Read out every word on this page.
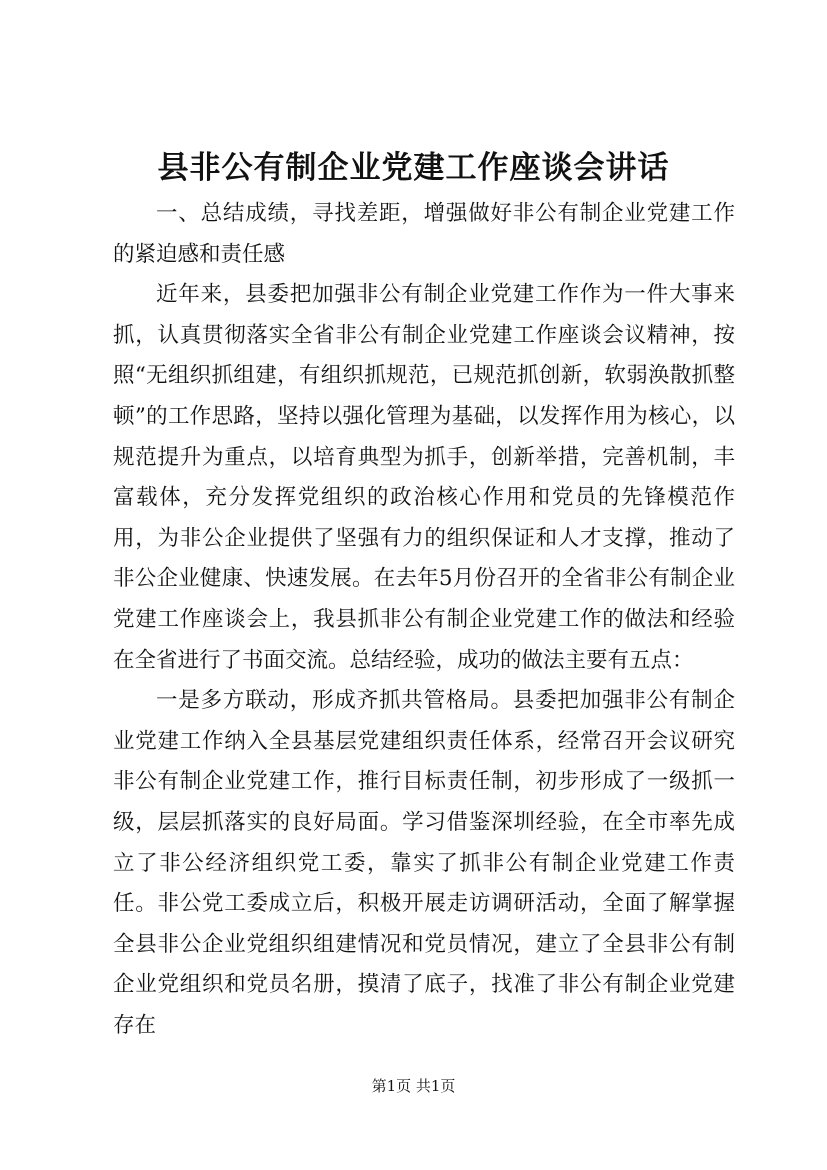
县非公有制企业党建工作座谈会讲话

一、总结成绩，寻找差距，增强做好非公有制企业党建工作的紧迫感和责任感

近年来，县委把加强非公有制企业党建工作作为一件大事来抓，认真贯彻落实全省非公有制企业党建工作座谈会议精神，按照“无组织抓组建，有组织抓规范，已规范抓创新，软弱涣散抓整顿”的工作思路，坚持以强化管理为基础，以发挥作用为核心，以规范提升为重点，以培育典型为抓手，创新举措，完善机制，丰富载体，充分发挥党组织的政治核心作用和党员的先锋模范作用，为非公企业提供了坚强有力的组织保证和人才支撑，推动了非公企业健康、快速发展。在去年5月份召开的全省非公有制企业党建工作座谈会上，我县抓非公有制企业党建工作的做法和经验在全省进行了书面交流。总结经验，成功的做法主要有五点：

一是多方联动，形成齐抓共管格局。县委把加强非公有制企业党建工作纳入全县基层党建组织责任体系，经常召开会议研究非公有制企业党建工作，推行目标责任制，初步形成了一级抓一级，层层抓落实的良好局面。学习借鉴深圳经验，在全市率先成立了非公经济组织党工委，靠实了抓非公有制企业党建工作责任。非公党工委成立后，积极开展走访调研活动，全面了解掌握全县非公企业党组织组建情况和党员情况，建立了全县非公有制企业党组织和党员名册，摸清了底子，找准了非公有制企业党建存在

第1页 共1页
